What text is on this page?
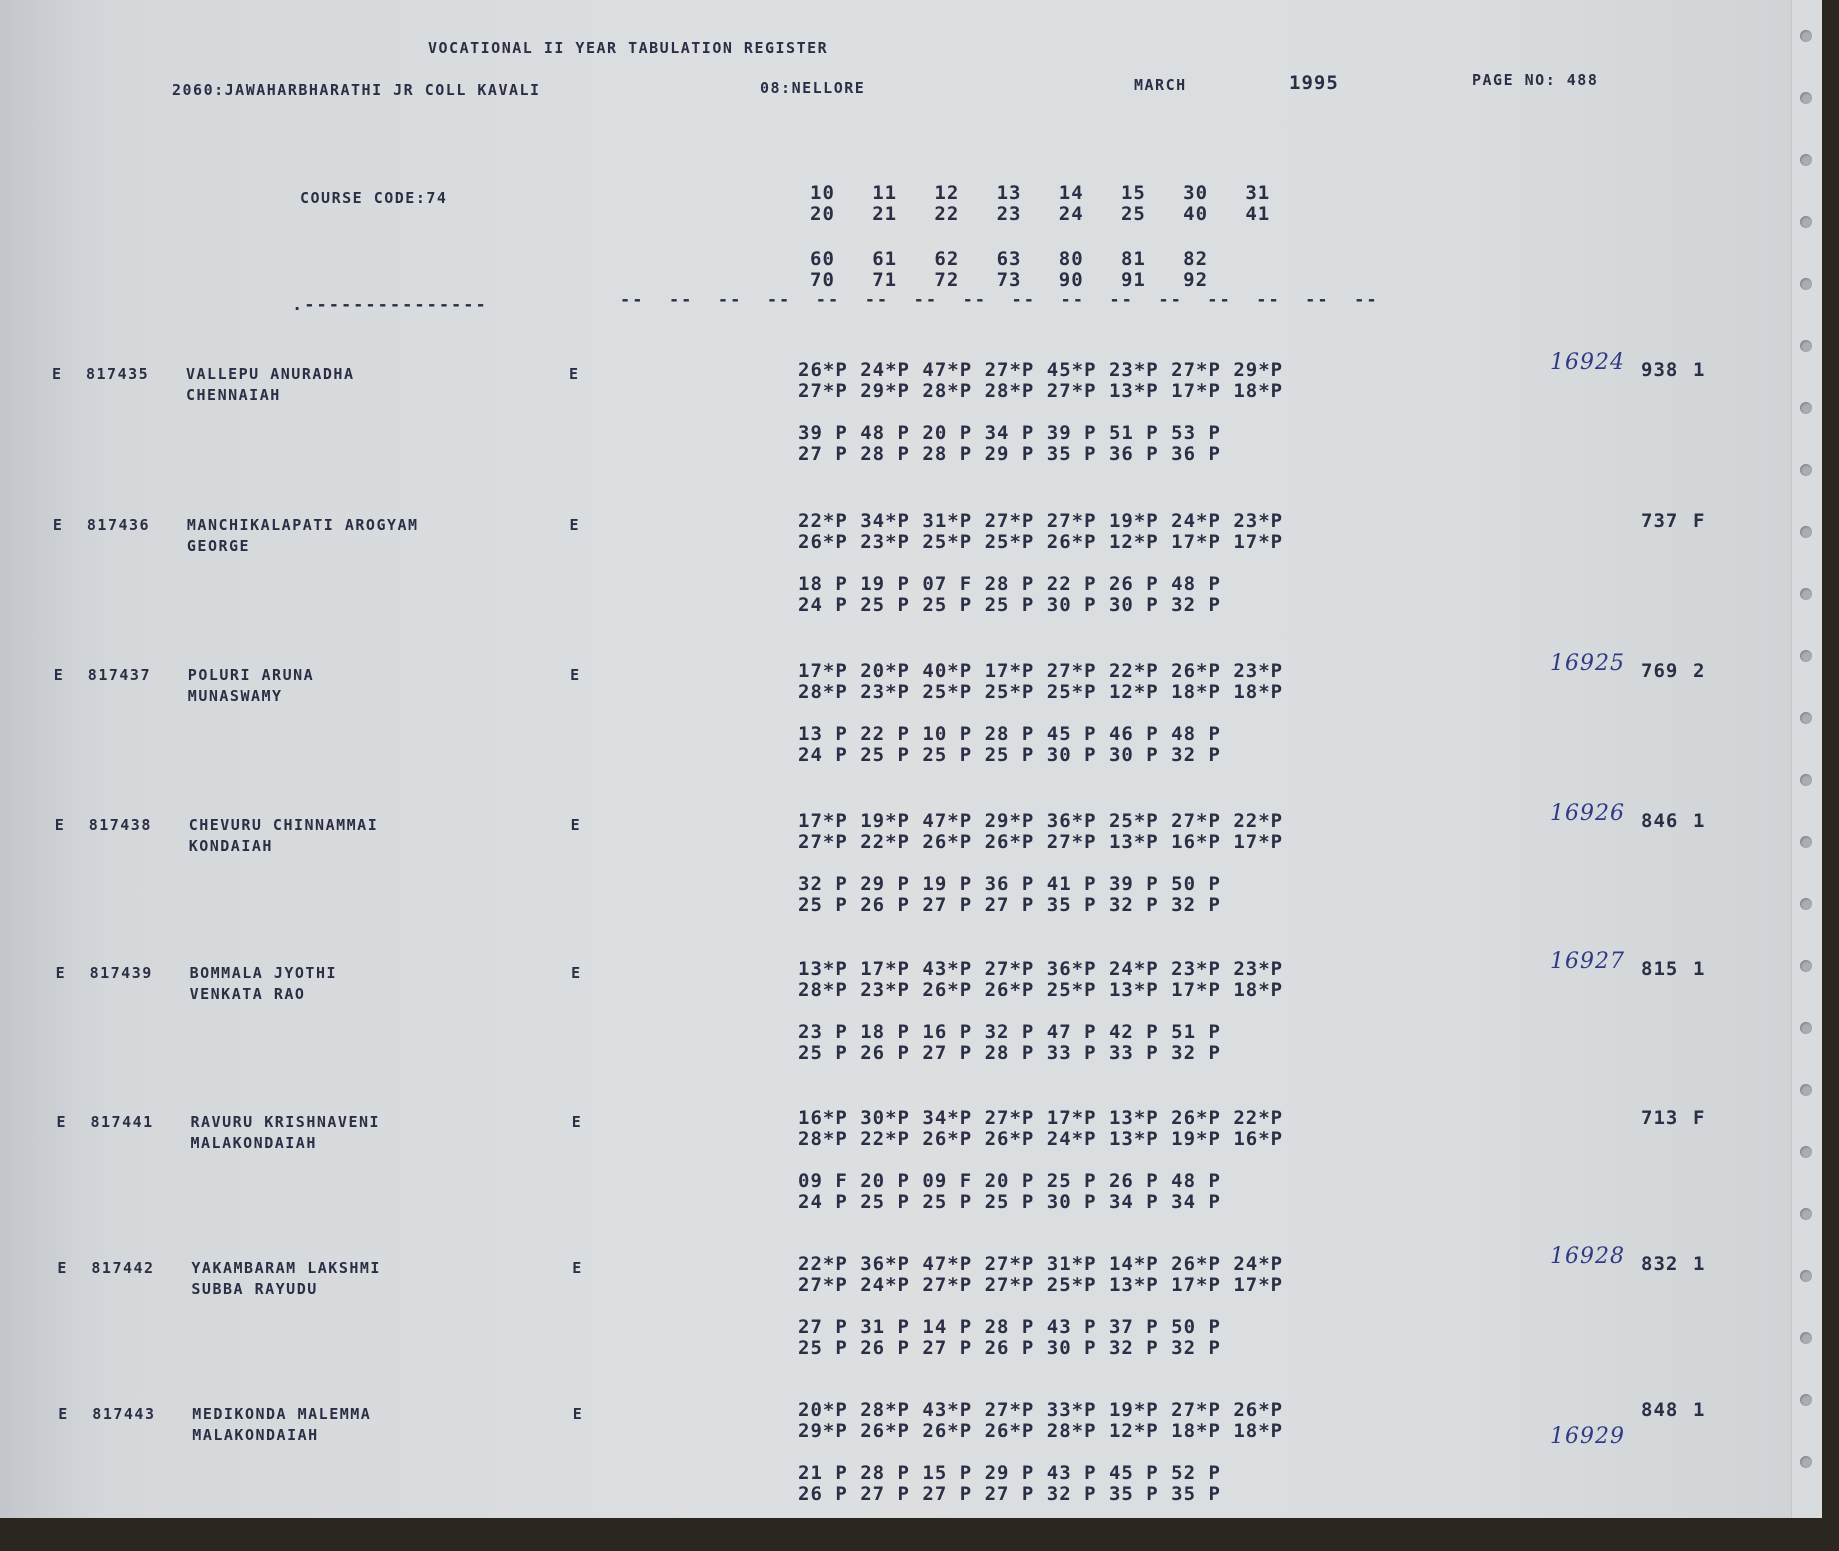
VOCATIONAL II YEAR TABULATION REGISTER
2060:JAWAHARBHARATHI JR COLL KAVALI	08:NELLORE	MARCH	1995	PAGE NO: 488
COURSE CODE:74	10   11   12   13   14   15   30   31
20   21   22   23   24   25   40   41
60   61   62   63   80   81   82
70   71   72   73   90   91   92
.---------------	--  --  --  --  --  --  --  --  --  --  --  --  --  --  --  --
E 817435 VALLEPU ANURADHA
CHENNAIAH
E	26*P 24*P 47*P 27*P 45*P 23*P 27*P 29*P
27*P 29*P 28*P 28*P 27*P 13*P 17*P 18*P
39 P 48 P 20 P 34 P 39 P 51 P 53 P
27 P 28 P 28 P 29 P 35 P 36 P 36 P
16924 938 1
E 817436 MANCHIKALAPATI AROGYAM
GEORGE
E	22*P 34*P 31*P 27*P 27*P 19*P 24*P 23*P
26*P 23*P 25*P 25*P 26*P 12*P 17*P 17*P
18 P 19 P 07 F 28 P 22 P 26 P 48 P
24 P 25 P 25 P 25 P 30 P 30 P 32 P
737 F
E 817437 POLURI ARUNA
MUNASWAMY
E	17*P 20*P 40*P 17*P 27*P 22*P 26*P 23*P
28*P 23*P 25*P 25*P 25*P 12*P 18*P 18*P
13 P 22 P 10 P 28 P 45 P 46 P 48 P
24 P 25 P 25 P 25 P 30 P 30 P 32 P
16925 769 2
E 817438 CHEVURU CHINNAMMAI
KONDAIAH
E	17*P 19*P 47*P 29*P 36*P 25*P 27*P 22*P
27*P 22*P 26*P 26*P 27*P 13*P 16*P 17*P
32 P 29 P 19 P 36 P 41 P 39 P 50 P
25 P 26 P 27 P 27 P 35 P 32 P 32 P
16926 846 1
E 817439 BOMMALA JYOTHI
VENKATA RAO
E	13*P 17*P 43*P 27*P 36*P 24*P 23*P 23*P
28*P 23*P 26*P 26*P 25*P 13*P 17*P 18*P
23 P 18 P 16 P 32 P 47 P 42 P 51 P
25 P 26 P 27 P 28 P 33 P 33 P 32 P
16927 815 1
E 817441 RAVURU KRISHNAVENI
MALAKONDAIAH
E	16*P 30*P 34*P 27*P 17*P 13*P 26*P 22*P
28*P 22*P 26*P 26*P 24*P 13*P 19*P 16*P
09 F 20 P 09 F 20 P 25 P 26 P 48 P
24 P 25 P 25 P 25 P 30 P 34 P 34 P
713 F
E 817442 YAKAMBARAM LAKSHMI
SUBBA RAYUDU
E	22*P 36*P 47*P 27*P 31*P 14*P 26*P 24*P
27*P 24*P 27*P 27*P 25*P 13*P 17*P 17*P
27 P 31 P 14 P 28 P 43 P 37 P 50 P
25 P 26 P 27 P 26 P 30 P 32 P 32 P
16928 832 1
E 817443 MEDIKONDA MALEMMA
MALAKONDAIAH
E	20*P 28*P 43*P 27*P 33*P 19*P 27*P 26*P
29*P 26*P 26*P 26*P 28*P 12*P 18*P 18*P
21 P 28 P 15 P 29 P 43 P 45 P 52 P
26 P 27 P 27 P 27 P 32 P 35 P 35 P
16929
848 1
